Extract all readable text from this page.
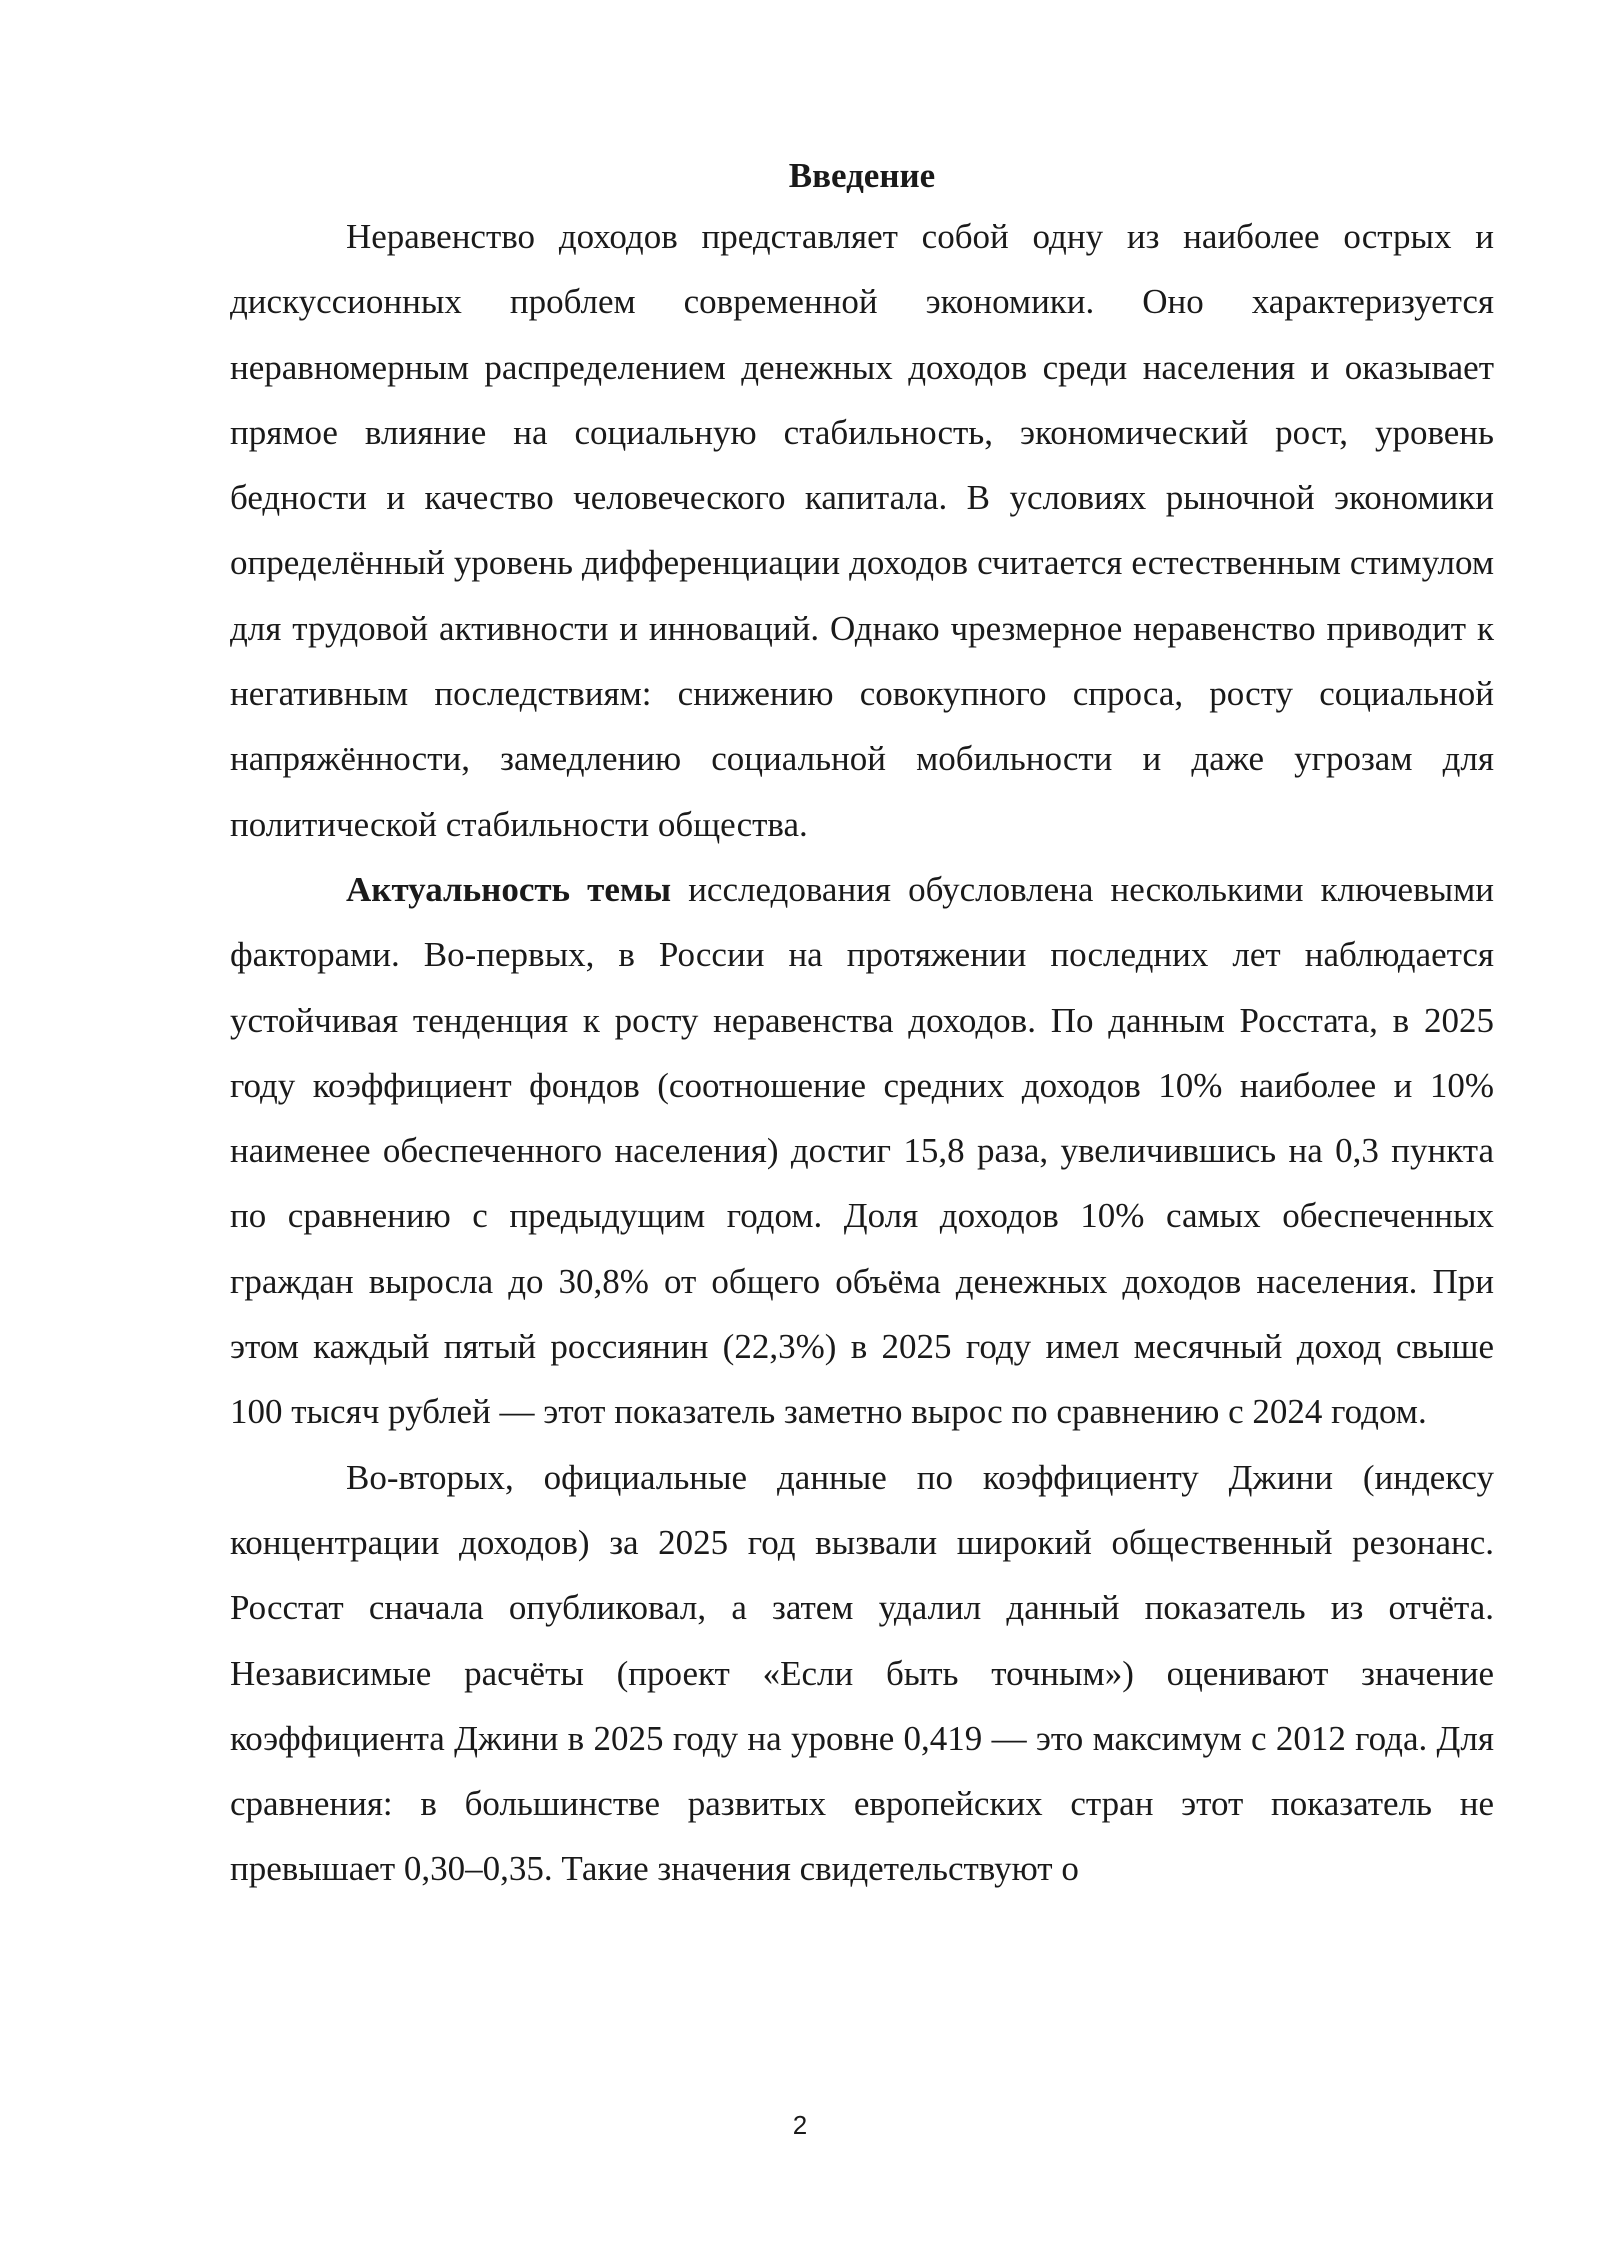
Введение

Неравенство доходов представляет собой одну из наиболее острых и дискуссионных проблем современной экономики. Оно характеризуется неравномерным распределением денежных доходов среди населения и оказывает прямое влияние на социальную стабильность, экономический рост, уровень бедности и качество человеческого капитала. В условиях рыночной экономики определённый уровень дифференциации доходов считается естественным стимулом для трудовой активности и инноваций. Однако чрезмерное неравенство приводит к негативным последствиям: снижению совокупного спроса, росту социальной напряжённости, замедлению социальной мобильности и даже угрозам для политической стабильности общества.

Актуальность темы исследования обусловлена несколькими ключевыми факторами. Во-первых, в России на протяжении последних лет наблюдается устойчивая тенденция к росту неравенства доходов. По данным Росстата, в 2025 году коэффициент фондов (соотношение средних доходов 10% наиболее и 10% наименее обеспеченного населения) достиг 15,8 раза, увеличившись на 0,3 пункта по сравнению с предыдущим годом. Доля доходов 10% самых обеспеченных граждан выросла до 30,8% от общего объёма денежных доходов населения. При этом каждый пятый россиянин (22,3%) в 2025 году имел месячный доход свыше 100 тысяч рублей — этот показатель заметно вырос по сравнению с 2024 годом.

Во-вторых, официальные данные по коэффициенту Джини (индексу концентрации доходов) за 2025 год вызвали широкий общественный резонанс. Росстат сначала опубликовал, а затем удалил данный показатель из отчёта. Независимые расчёты (проект «Если быть точным») оценивают значение коэффициента Джини в 2025 году на уровне 0,419 — это максимум с 2012 года. Для сравнения: в большинстве развитых европейских стран этот показатель не превышает 0,30–0,35. Такие значения свидетельствуют о

2
